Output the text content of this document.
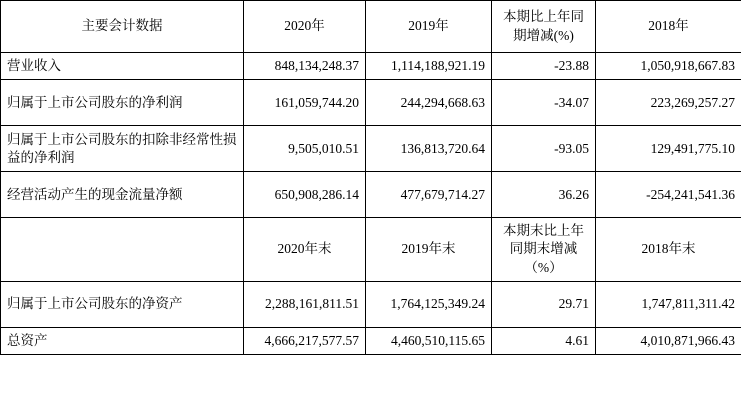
主要会计数据	2020年	2019年	本期比上年同期增减(%)	2018年
营业收入	848,134,248.37	1,114,188,921.19	-23.88	1,050,918,667.83
归属于上市公司股东的净利润	161,059,744.20	244,294,668.63	-34.07	223,269,257.27
归属于上市公司股东的扣除非经常性损益的净利润	9,505,010.51	136,813,720.64	-93.05	129,491,775.10
经营活动产生的现金流量净额	650,908,286.14	477,679,714.27	36.26	-254,241,541.36
	2020年末	2019年末	本期末比上年同期末增减（%）	2018年末
归属于上市公司股东的净资产	2,288,161,811.51	1,764,125,349.24	29.71	1,747,811,311.42
总资产	4,666,217,577.57	4,460,510,115.65	4.61	4,010,871,966.43
